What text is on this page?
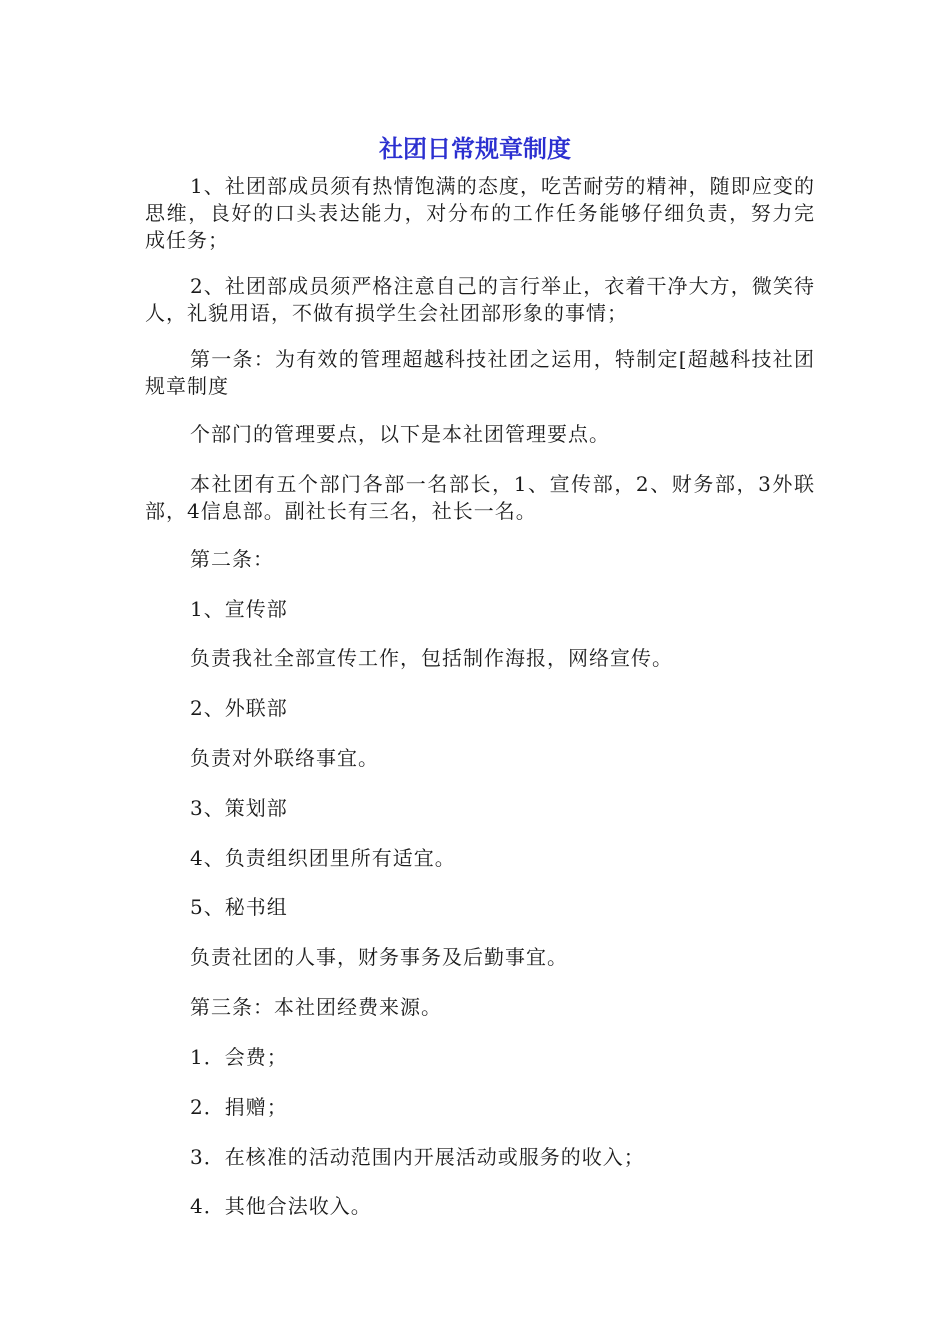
社团日常规章制度

1、社团部成员须有热情饱满的态度，吃苦耐劳的精神，随即应变的思维，良好的口头表达能力，对分布的工作任务能够仔细负责，努力完成任务；

2、社团部成员须严格注意自己的言行举止，衣着干净大方，微笑待人，礼貌用语，不做有损学生会社团部形象的事情；

第一条：为有效的管理超越科技社团之运用，特制定[超越科技社团规章制度

个部门的管理要点，以下是本社团管理要点。

本社团有五个部门各部一名部长，1、宣传部，2、财务部，3外联部，4信息部。副社长有三名，社长一名。

第二条：

1、宣传部

负责我社全部宣传工作，包括制作海报，网络宣传。

2、外联部

负责对外联络事宜。

3、策划部

4、负责组织团里所有适宜。

5、秘书组

负责社团的人事，财务事务及后勤事宜。

第三条：本社团经费来源。

1．会费；

2．捐赠；

3．在核准的活动范围内开展活动或服务的收入；

4．其他合法收入。
